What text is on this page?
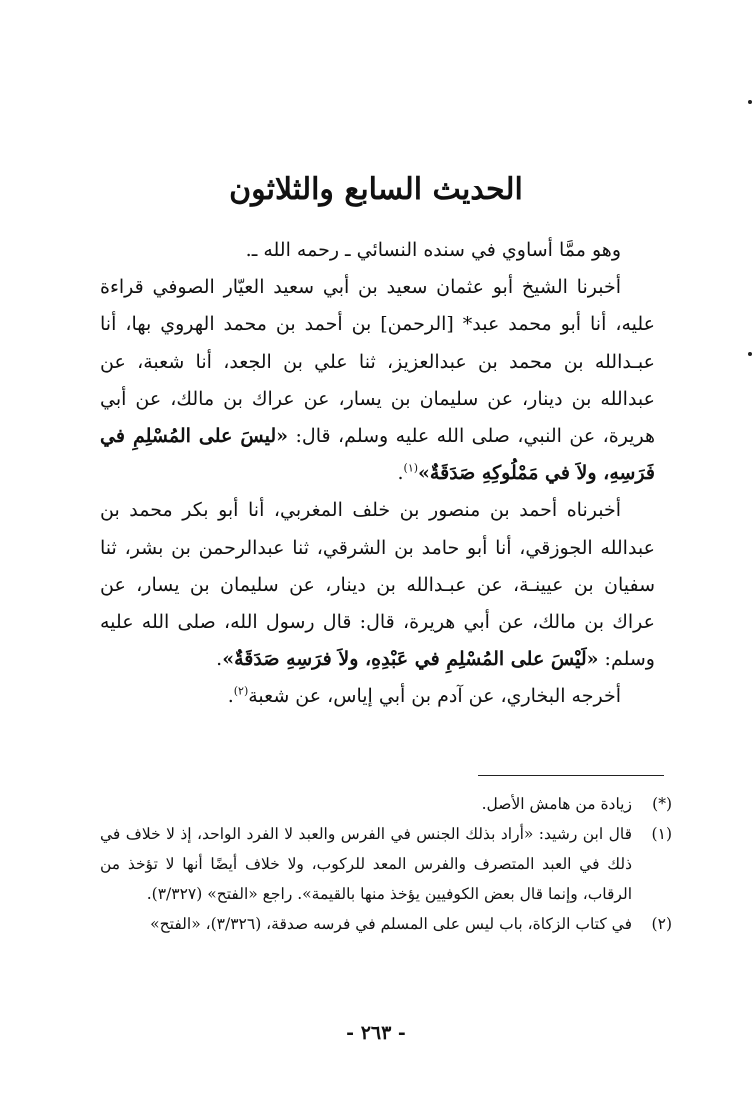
الحديث السابع والثلاثون

وهو ممَّا أساوي في سنده النسائي ـ رحمه الله ـ.

أخبرنا الشيخ أبو عثمان سعيد بن أبي سعيد العيّار الصوفي قراءة عليه، أنا أبو محمد عبد* [الرحمن] بن أحمد بن محمد الهروي بها، أنا عبـدالله بن محمد بن عبدالعزيز، ثنا علي بن الجعد، أنا شعبة، عن عبدالله بن دينار، عن سليمان بن يسار، عن عراك بن مالك، عن أبي هريرة، عن النبي، صلى الله عليه وسلم، قال: «ليسَ على المُسْلِمِ في فَرَسِهِ، ولاَ في مَمْلُوكِهِ صَدَقَةٌ»$^{(١)}$.

أخبرناه أحمد بن منصور بن خلف المغربي، أنا أبو بكر محمد بن عبدالله الجوزقي، أنا أبو حامد بن الشرقي، ثنا عبدالرحمن بن بشر، ثنا سفيان بن عيينـة، عن عبـدالله بن دينار، عن سليمان بن يسار، عن عراك بن مالك، عن أبي هريرة، قال: قال رسول الله، صلى الله عليه وسلم: «لَيْسَ على المُسْلِمِ في عَبْدِهِ، ولاَ فرَسِهِ صَدَقَةٌ».

أخرجه البخاري، عن آدم بن أبي إياس، عن شعبة$^{(٢)}$.

(*)
زيادة من هامش الأصل.
(١)
قال ابن رشيد: «أراد بذلك الجنس في الفرس والعبد لا الفرد الواحد، إذ لا خلاف في ذلك في العبد المتصرف والفرس المعد للركوب، ولا خلاف أيضًا أنها لا تؤخذ من الرقاب، وإنما قال بعض الكوفيين يؤخذ منها بالقيمة». راجع «الفتح» (٣/٣٢٧).
(٢)
في كتاب الزكاة، باب ليس على المسلم في فرسه صدقة، (٣/٣٢٦)، «الفتح»
- ٢٦٣ -
